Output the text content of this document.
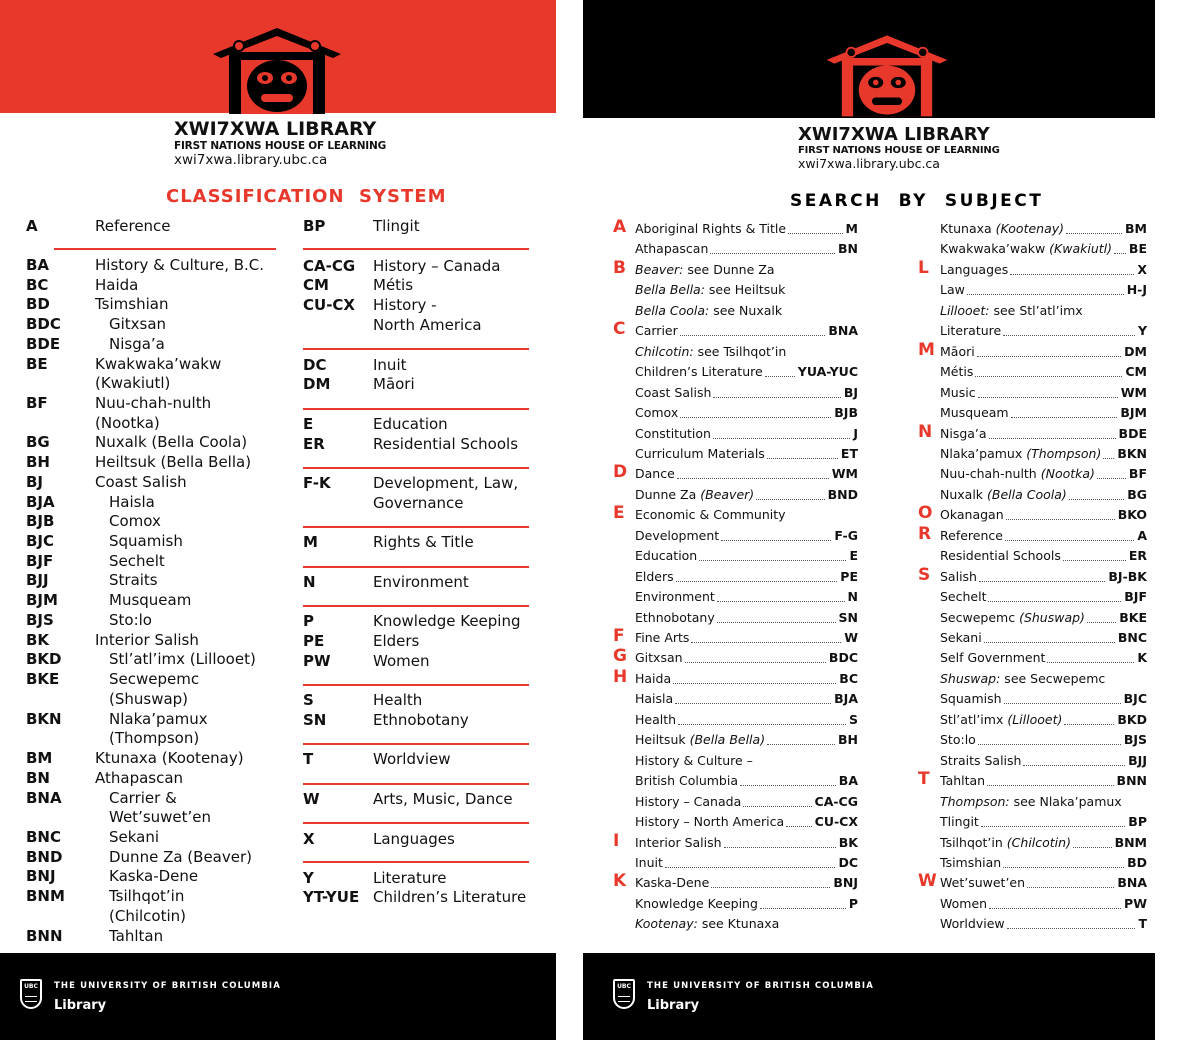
XWI7XWA LIBRARY
FIRST NATIONS HOUSE OF LEARNING
xwi7xwa.library.ubc.ca
CLASSIFICATION  SYSTEM
A	Reference
BA	History & Culture, B.C.
BC	Haida
BD	Tsimshian
BDC	Gitxsan
BDE	Nisga’a
BE	Kwakwaka’wakw
(Kwakiutl)
BF	Nuu-chah-nulth
(Nootka)
BG	Nuxalk (Bella Coola)
BH	Heiltsuk (Bella Bella)
BJ	Coast Salish
BJA	Haisla
BJB	Comox
BJC	Squamish
BJF	Sechelt
BJJ	Straits
BJM	Musqueam
BJS	Sto:lo
BK	Interior Salish
BKD	Stl’atl’imx (Lillooet)
BKE	Secwepemc
(Shuswap)
BKN	Nlaka’pamux
(Thompson)
BM	Ktunaxa (Kootenay)
BN	Athapascan
BNA	Carrier &
Wet’suwet’en
BNC	Sekani
BND	Dunne Za (Beaver)
BNJ	Kaska-Dene
BNM	Tsilhqot’in
(Chilcotin)
BNN	Tahltan
BP	Tlingit
CA-CG History – Canada
CM	Métis
CU-CX History -
North America
DC	Inuit
DM	Māori
E	Education
ER	Residential Schools
F-K	Development, Law,
Governance
M	Rights & Title
N	Environment
P	Knowledge Keeping
PE	Elders
PW	Women
S	Health
SN	Ethnobotany
T	Worldview
W	Arts, Music, Dance
X	Languages
Y	Literature
YT-YUE Children’s Literature
UBC THE UNIVERSITY OF BRITISH COLUMBIA
Library
XWI7XWA LIBRARY
FIRST NATIONS HOUSE OF LEARNING
xwi7xwa.library.ubc.ca
SEARCH  BY  SUBJECT
A Aboriginal Rights & Title	M
Athapascan	BN
B Beaver: see Dunne Za
Bella Bella: see Heiltsuk
Bella Coola: see Nuxalk
C Carrier	BNA
Chilcotin: see Tsilhqot’in
Children’s Literature	YUA-YUC
Coast Salish	BJ
Comox	BJB
Constitution	J
Curriculum Materials	ET
D Dance	WM
Dunne Za (Beaver)	BND
E Economic & Community
Development	F-G
Education	E
Elders	PE
Environment	N
Ethnobotany	SN
F Fine Arts	W
G Gitxsan	BDC
H Haida	BC
Haisla	BJA
Health	S
Heiltsuk (Bella Bella)	BH
History & Culture –
British Columbia	BA
History – Canada	CA-CG
History – North America CU-CX
I Interior Salish	BK
Inuit	DC
K Kaska-Dene	BNJ
Knowledge Keeping	P
Kootenay: see Ktunaxa
Ktunaxa (Kootenay)	BM
Kwakwaka’wakw (Kwakiutl) BE
L Languages	X
Law	H-J
Lillooet: see Stl’atl’imx
Literature	Y
M Māori	DM
Métis	CM
Music	WM
Musqueam	BJM
N Nisga’a	BDE
Nlaka’pamux (Thompson) BKN
Nuu-chah-nulth (Nootka)	BF
Nuxalk (Bella Coola)	BG
O Okanagan	BKO
R Reference	A
Residential Schools	ER
S Salish	BJ-BK
Sechelt	BJF
Secwepemc (Shuswap)	BKE
Sekani	BNC
Self Government	K
Shuswap: see Secwepemc
Squamish	BJC
Stl’atl’imx (Lillooet)	BKD
Sto:lo	BJS
Straits Salish	BJJ
T Tahltan	BNN
Thompson: see Nlaka’pamux
Tlingit	BP
Tsilhqot’in (Chilcotin)	BNM
Tsimshian	BD
W Wet’suwet’en	BNA
Women	PW
Worldview	T
UBC THE UNIVERSITY OF BRITISH COLUMBIA
Library
